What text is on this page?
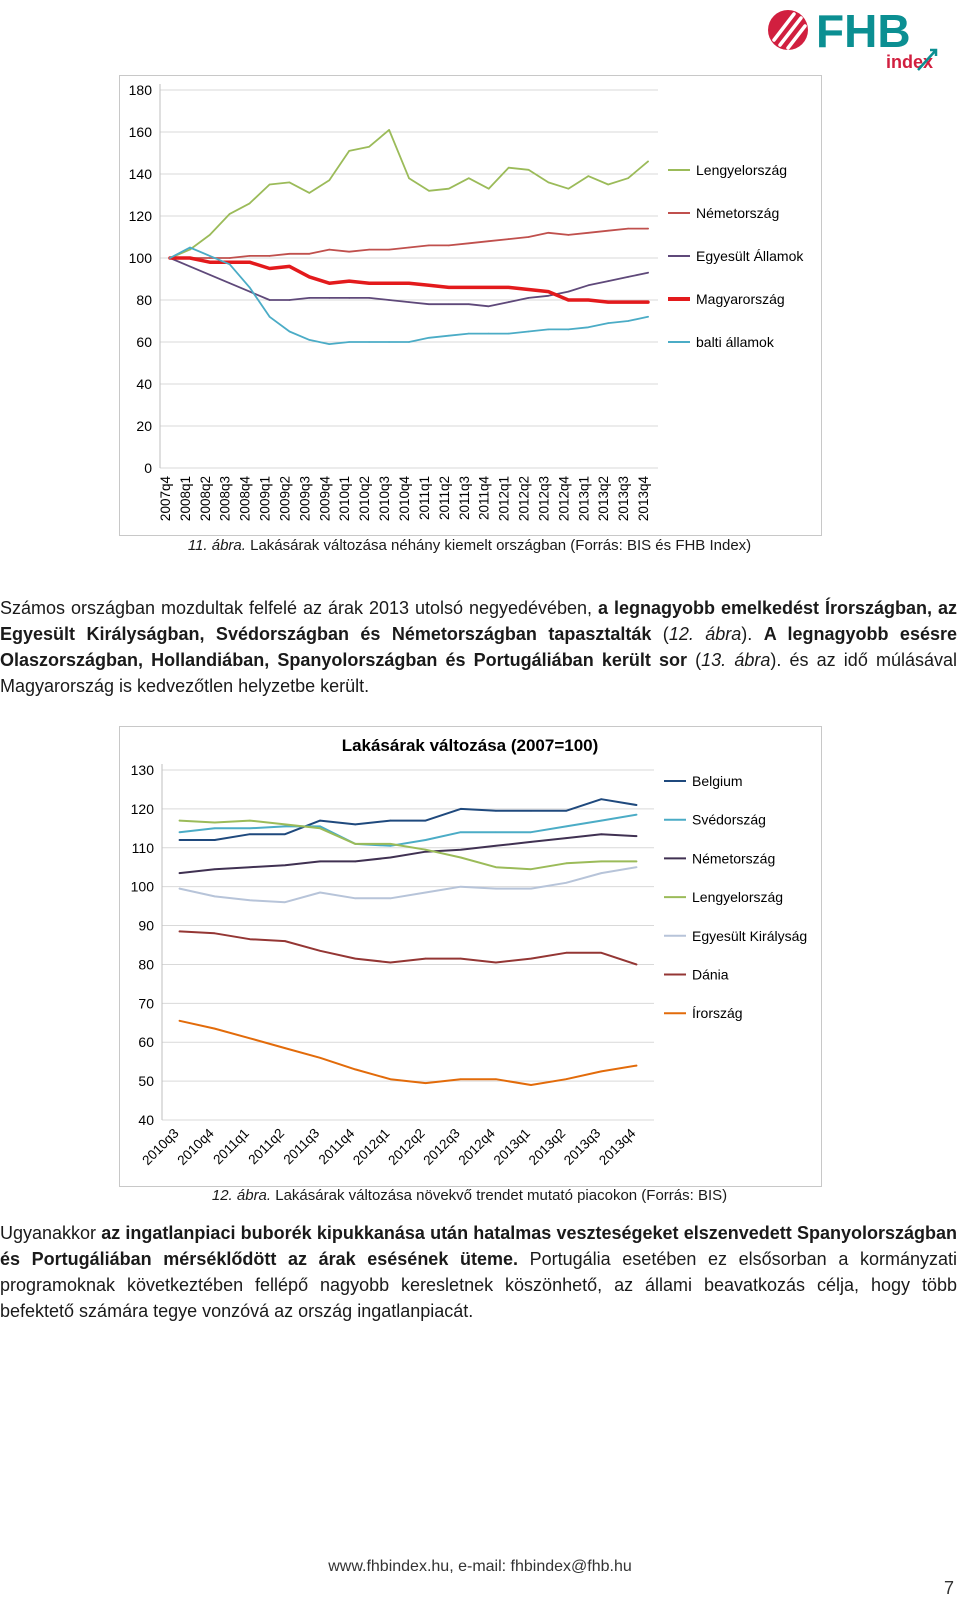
FHB
index
0
20
40
60
80
100
120
140
160
180
2007q4 2008q1 2008q2 2008q3 2008q4 2009q1 2009q2 2009q3 2009q4 2010q1 2010q2 2010q3 2010q4 2011q1 2011q2 2011q3 2011q4 2012q1 2012q2 2012q3 2012q4 2013q1 2013q2 2013q3 2013q4
Lengyelország
Németország
Egyesült Államok
Magyarország
balti államok
11. ábra. Lakásárak változása néhány kiemelt országban (Forrás: BIS és FHB Index)
Számos országban mozdultak felfelé az árak 2013 utolsó negyedévében, a legnagyobb emelkedést Írországban, az Egyesült Királyságban, Svédországban és Németországban tapasztalták (12. ábra). A legnagyobb esésre Olaszországban, Hollandiában, Spanyolországban és Portugáliában került sor (13. ábra). és az idő múlásával Magyarország is kedvezőtlen helyzetbe került.
Lakásárak változása (2007=100)
40
50
60
70
80
90
100
110
120
130
2010q3
2010q4
2011q1
2011q2
2011q3
2011q4
2012q1
2012q2
2012q3
2012q4
2013q1
2013q2
2013q3
2013q4
Belgium
Svédország
Németország
Lengyelország
Egyesült Királyság
Dánia
Írország
12. ábra. Lakásárak változása növekvő trendet mutató piacokon (Forrás: BIS)
Ugyanakkor az ingatlanpiaci buborék kipukkanása után hatalmas veszteségeket elszenvedett Spanyolországban és Portugáliában mérséklődött az árak esésének üteme. Portugália esetében ez elsősorban a kormányzati programoknak következtében fellépő nagyobb keresletnek köszönhető, az állami beavatkozás célja, hogy több befektető számára tegye vonzóvá az ország ingatlanpiacát.
www.fhbindex.hu, e-mail: fhbindex@fhb.hu
7
